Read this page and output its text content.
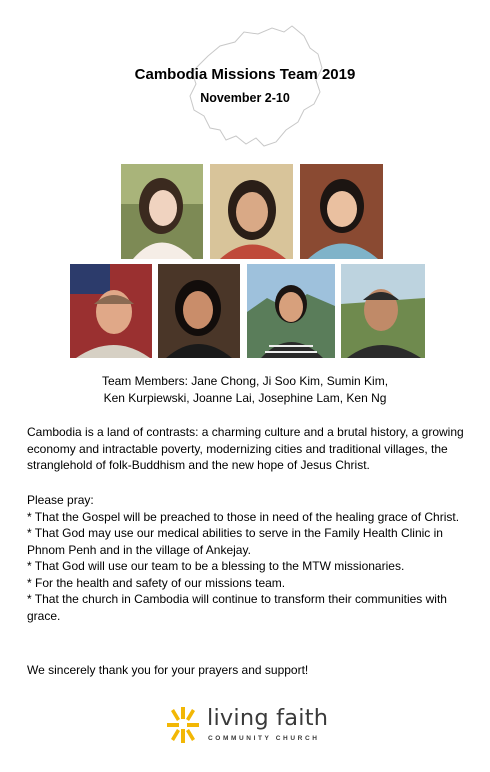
Cambodia Missions Team 2019
November 2-10
Team Members: Jane Chong, Ji Soo Kim, Sumin Kim,
Ken Kurpiewski, Joanne Lai, Josephine Lam, Ken Ng
Cambodia is a land of contrasts: a charming culture and a brutal history, a growing economy and intractable poverty, modernizing cities and traditional villages, the stranglehold of folk-Buddhism and the new hope of Jesus Christ.
Please pray:
* That the Gospel will be preached to those in need of the healing grace of Christ.
* That God may use our medical abilities to serve in the Family Health Clinic in Phnom Penh and in the village of Ankejay.
* That God will use our team to be a blessing to the MTW missionaries.
* For the health and safety of our missions team.
* That the church in Cambodia will continue to transform their communities with grace.
We sincerely thank you for your prayers and support!
living faith
COMMUNITY CHURCH
